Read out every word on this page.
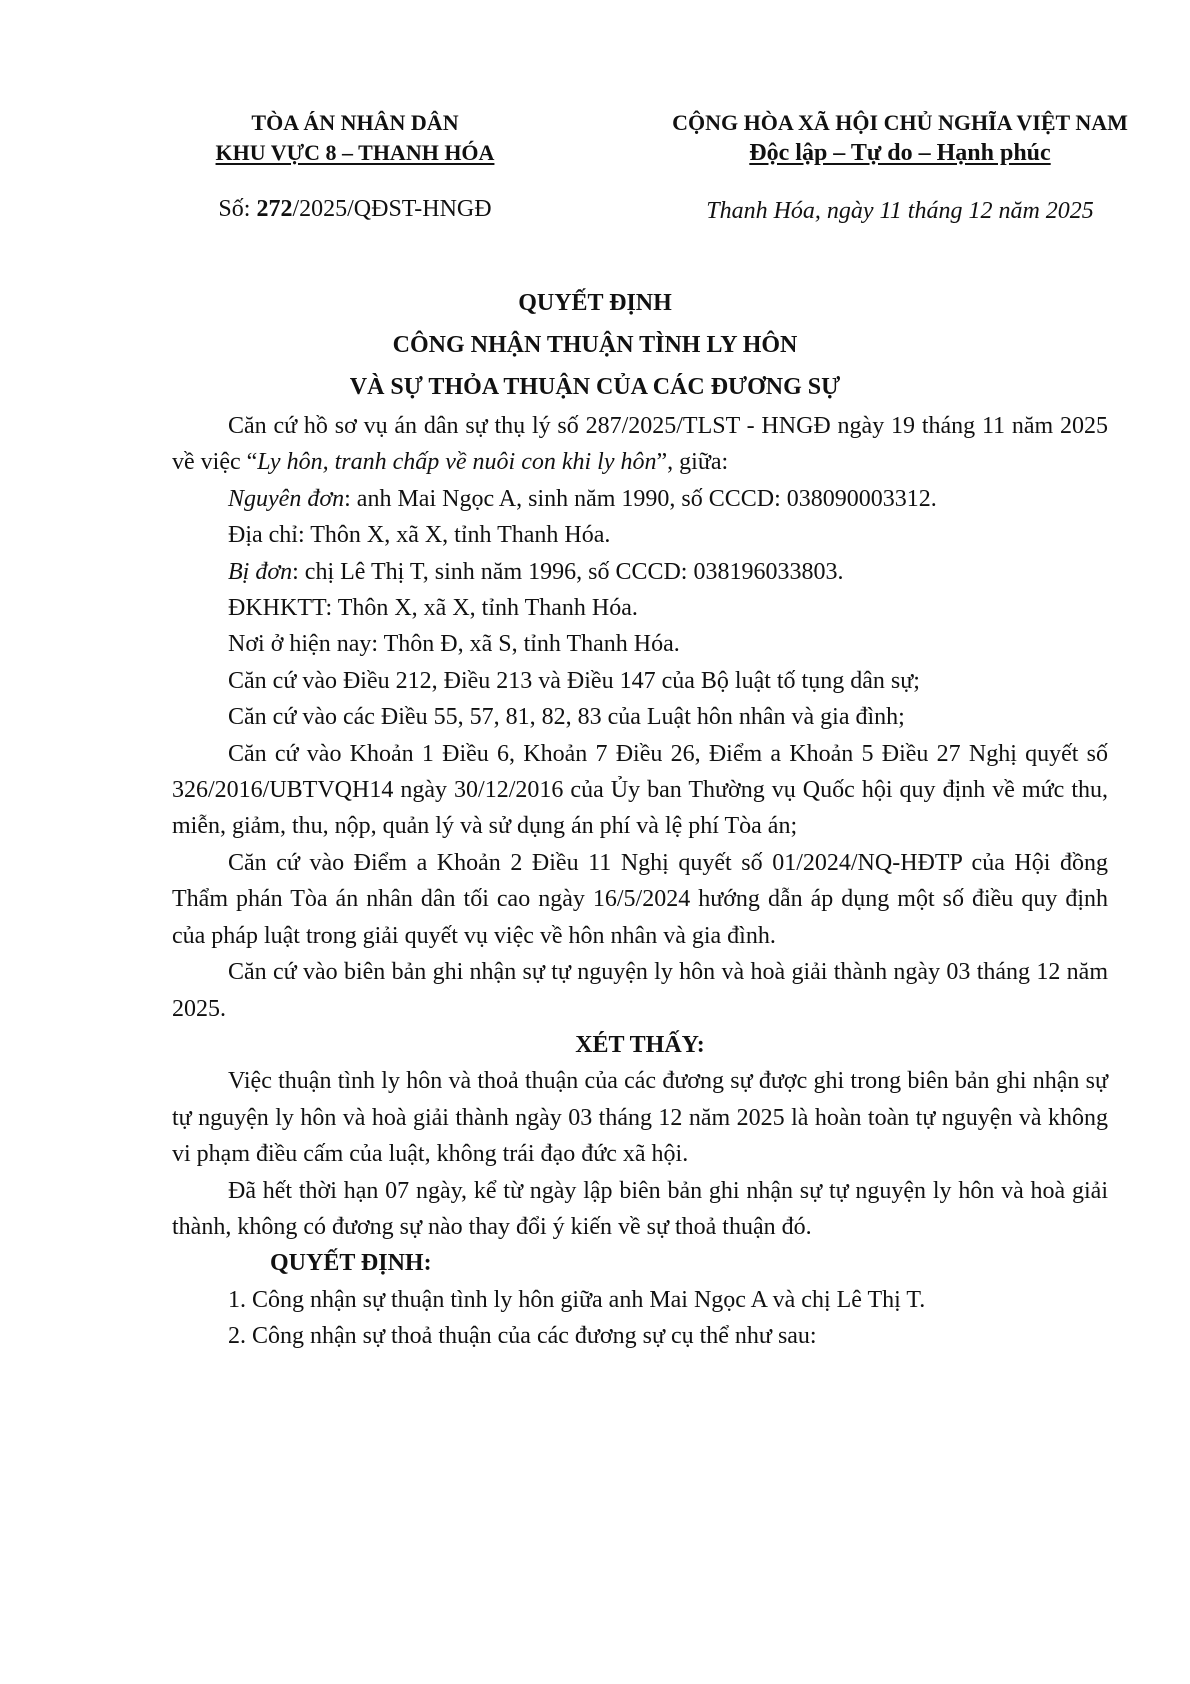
TÒA ÁN NHÂN DÂN
KHU VỰC 8 – THANH HÓA
Số: 272/2025/QĐST-HNGĐ
CỘNG HÒA XÃ HỘI CHỦ NGHĨA VIỆT NAM
Độc lập – Tự do – Hạnh phúc
Thanh Hóa, ngày 11 tháng 12 năm 2025
QUYẾT ĐỊNH
CÔNG NHẬN THUẬN TÌNH LY HÔN
VÀ SỰ THỎA THUẬN CỦA CÁC ĐƯƠNG SỰ

Căn cứ hồ sơ vụ án dân sự thụ lý số 287/2025/TLST - HNGĐ ngày 19 tháng 11 năm 2025 về việc “Ly hôn, tranh chấp về nuôi con khi ly hôn”, giữa:

Nguyên đơn: anh Mai Ngọc A, sinh năm 1990, số CCCD: 038090003312.

Địa chỉ: Thôn X, xã X, tỉnh Thanh Hóa.

Bị đơn: chị Lê Thị T, sinh năm 1996, số CCCD: 038196033803.

ĐKHKTT: Thôn X, xã X, tỉnh Thanh Hóa.

Nơi ở hiện nay: Thôn Đ, xã S, tỉnh Thanh Hóa.

Căn cứ vào Điều 212, Điều 213 và Điều 147 của Bộ luật tố tụng dân sự;

Căn cứ vào các Điều 55, 57, 81, 82, 83 của Luật hôn nhân và gia đình;

Căn cứ vào Khoản 1 Điều 6, Khoản 7 Điều 26, Điểm a Khoản 5 Điều 27 Nghị quyết số 326/2016/UBTVQH14 ngày 30/12/2016 của Ủy ban Thường vụ Quốc hội quy định về mức thu, miễn, giảm, thu, nộp, quản lý và sử dụng án phí và lệ phí Tòa án;

Căn cứ vào Điểm a Khoản 2 Điều 11 Nghị quyết số 01/2024/NQ-HĐTP của Hội đồng Thẩm phán Tòa án nhân dân tối cao ngày 16/5/2024 hướng dẫn áp dụng một số điều quy định của pháp luật trong giải quyết vụ việc về hôn nhân và gia đình.

Căn cứ vào biên bản ghi nhận sự tự nguyện ly hôn và hoà giải thành ngày 03 tháng 12 năm 2025.

XÉT THẤY:

Việc thuận tình ly hôn và thoả thuận của các đương sự được ghi trong biên bản ghi nhận sự tự nguyện ly hôn và hoà giải thành ngày 03 tháng 12 năm 2025 là hoàn toàn tự nguyện và không vi phạm điều cấm của luật, không trái đạo đức xã hội.

Đã hết thời hạn 07 ngày, kể từ ngày lập biên bản ghi nhận sự tự nguyện ly hôn và hoà giải thành, không có đương sự nào thay đổi ý kiến về sự thoả thuận đó.

QUYẾT ĐỊNH:

1. Công nhận sự thuận tình ly hôn giữa anh Mai Ngọc A và chị Lê Thị T.

2. Công nhận sự thoả thuận của các đương sự cụ thể như sau:
